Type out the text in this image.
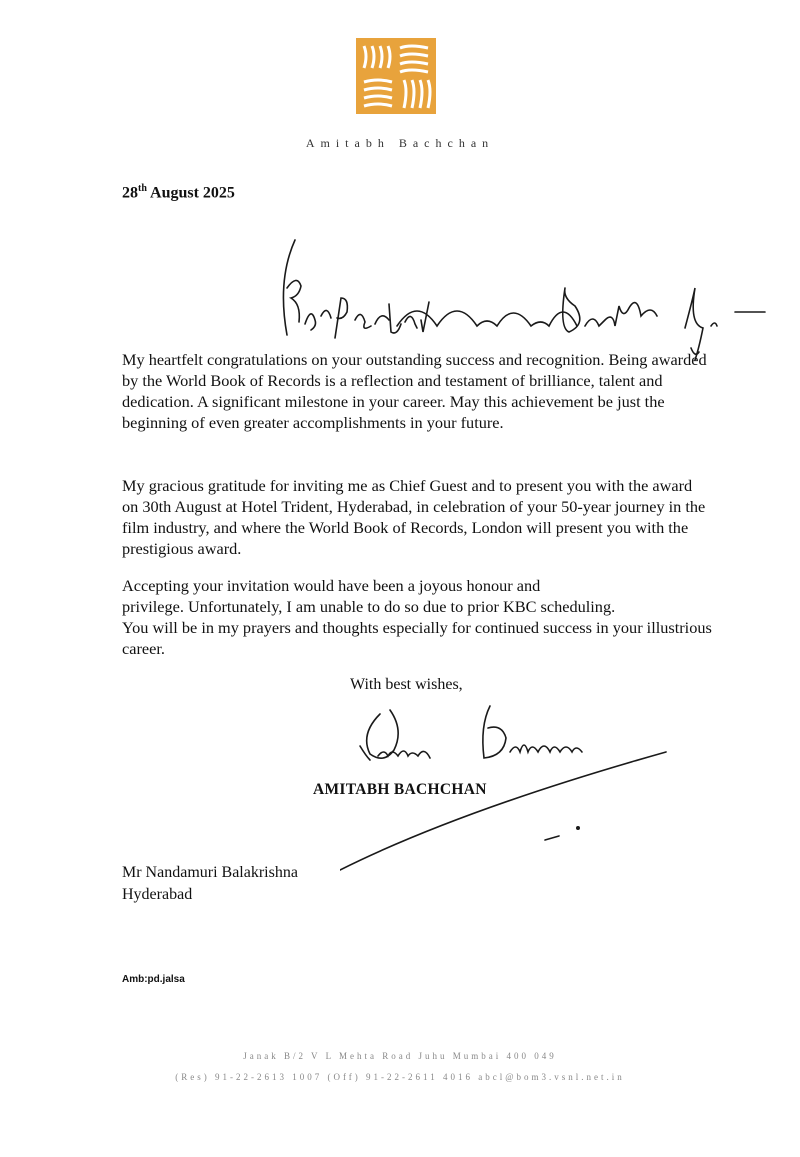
Amitabh Bachchan
28th August 2025

My heartfelt congratulations on your outstanding success and recognition. Being awarded by the World Book of Records is a reflection and testament of brilliance, talent and dedication. A significant milestone in your career. May this achievement be just the beginning of even greater accomplishments in your future.

My gracious gratitude for inviting me as Chief Guest and to present you with the award on 30th August at Hotel Trident, Hyderabad, in celebration of your 50-year journey in the film industry, and where the World Book of Records, London will present you with the prestigious award.

Accepting your invitation would have been a joyous honour and
privilege. Unfortunately, I am unable to do so due to prior KBC scheduling.
You will be in my prayers and thoughts especially for continued success in your illustrious career.
With best wishes,
AMITABH BACHCHAN
Mr Nandamuri Balakrishna
Hyderabad
Amb:pd.jalsa
Janak B/2 V L Mehta Road Juhu Mumbai 400 049
(Res) 91-22-2613 1007 (Off) 91-22-2611 4016 abcl@bom3.vsnl.net.in
